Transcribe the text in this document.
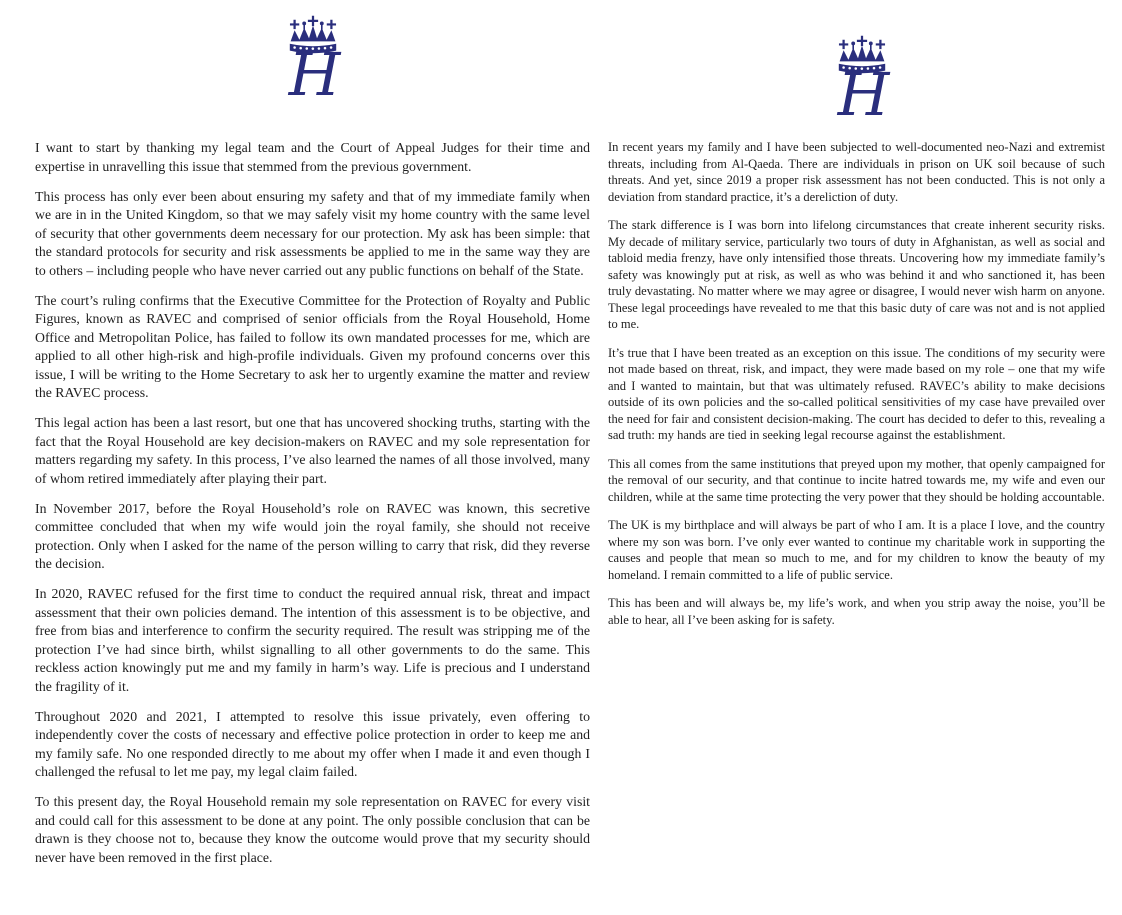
H	H

I want to start by thanking my legal team and the Court of Appeal Judges for their time and expertise in unravelling this issue that stemmed from the previous government.

This process has only ever been about ensuring my safety and that of my immediate family when we are in in the United Kingdom, so that we may safely visit my home country with the same level of security that other governments deem necessary for our protection. My ask has been simple: that the standard protocols for security and risk assessments be applied to me in the same way they are to others – including people who have never carried out any public functions on behalf of the State.

The court’s ruling confirms that the Executive Committee for the Protection of Royalty and Public Figures, known as RAVEC and comprised of senior officials from the Royal Household, Home Office and Metropolitan Police, has failed to follow its own mandated processes for me, which are applied to all other high-risk and high-profile individuals. Given my profound concerns over this issue, I will be writing to the Home Secretary to ask her to urgently examine the matter and review the RAVEC process.

This legal action has been a last resort, but one that has uncovered shocking truths, starting with the fact that the Royal Household are key decision-makers on RAVEC and my sole representation for matters regarding my safety. In this process, I’ve also learned the names of all those involved, many of whom retired immediately after playing their part.

In November 2017, before the Royal Household’s role on RAVEC was known, this secretive committee concluded that when my wife would join the royal family, she should not receive protection. Only when I asked for the name of the person willing to carry that risk, did they reverse the decision.

In 2020, RAVEC refused for the first time to conduct the required annual risk, threat and impact assessment that their own policies demand. The intention of this assessment is to be objective, and free from bias and interference to confirm the security required. The result was stripping me of the protection I’ve had since birth, whilst signalling to all other governments to do the same. This reckless action knowingly put me and my family in harm’s way. Life is precious and I understand the fragility of it.

Throughout 2020 and 2021, I attempted to resolve this issue privately, even offering to independently cover the costs of necessary and effective police protection in order to keep me and my family safe. No one responded directly to me about my offer when I made it and even though I challenged the refusal to let me pay, my legal claim failed.

To this present day, the Royal Household remain my sole representation on RAVEC for every visit and could call for this assessment to be done at any point. The only possible conclusion that can be drawn is they choose not to, because they know the outcome would prove that my security should never have been removed in the first place.

In recent years my family and I have been subjected to well-documented neo-Nazi and extremist threats, including from Al-Qaeda. There are individuals in prison on UK soil because of such threats. And yet, since 2019 a proper risk assessment has not been conducted. This is not only a deviation from standard practice, it’s a dereliction of duty.

The stark difference is I was born into lifelong circumstances that create inherent security risks. My decade of military service, particularly two tours of duty in Afghanistan, as well as social and tabloid media frenzy, have only intensified those threats. Uncovering how my immediate family’s safety was knowingly put at risk, as well as who was behind it and who sanctioned it, has been truly devastating. No matter where we may agree or disagree, I would never wish harm on anyone. These legal proceedings have revealed to me that this basic duty of care was not and is not applied to me.

It’s true that I have been treated as an exception on this issue. The conditions of my security were not made based on threat, risk, and impact, they were made based on my role – one that my wife and I wanted to maintain, but that was ultimately refused. RAVEC’s ability to make decisions outside of its own policies and the so-called political sensitivities of my case have prevailed over the need for fair and consistent decision-making. The court has decided to defer to this, revealing a sad truth: my hands are tied in seeking legal recourse against the establishment.

This all comes from the same institutions that preyed upon my mother, that openly campaigned for the removal of our security, and that continue to incite hatred towards me, my wife and even our children, while at the same time protecting the very power that they should be holding accountable.

The UK is my birthplace and will always be part of who I am. It is a place I love, and the country where my son was born. I’ve only ever wanted to continue my charitable work in supporting the causes and people that mean so much to me, and for my children to know the beauty of my homeland. I remain committed to a life of public service.

This has been and will always be, my life’s work, and when you strip away the noise, you’ll be able to hear, all I’ve been asking for is safety.
